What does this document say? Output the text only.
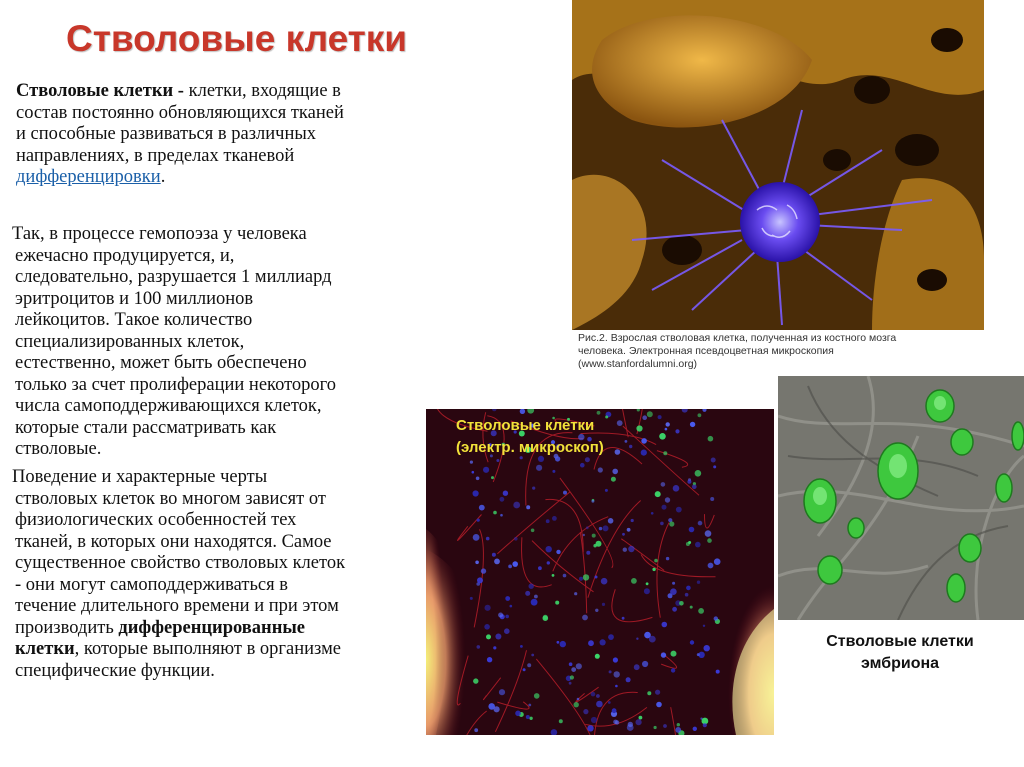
Стволовые клетки
Стволовые клетки - клетки, входящие в
состав постоянно обновляющихся тканей
и способные развиваться в различных
направлениях, в пределах тканевой
дифференцировки.
Так, в процессе гемопоэза у человека
ежечасно продуцируется, и,
следовательно, разрушается 1 миллиард
эритроцитов и 100 миллионов
лейкоцитов. Такое количество
специализированных клеток,
естественно, может быть обеспечено
только за счет пролиферации некоторого
числа самоподдерживающихся клеток,
которые стали рассматривать как
стволовые.
Поведение и характерные черты
стволовых клеток во многом зависят от
физиологических особенностей тех
тканей, в которых они находятся. Самое
существенное свойство стволовых клеток
- они могут самоподдерживаться в
течение длительного времени и при этом
производить дифференцированные
клетки, которые выполняют в организме
специфические функции.
Рис.2. Взрослая стволовая клетка, полученная из костного мозга
человека. Электронная псевдоцветная микроскопия
(www.stanfordalumni.org)
Стволовые клетки
(электр. микроскоп)
Стволовые клетки
эмбриона
